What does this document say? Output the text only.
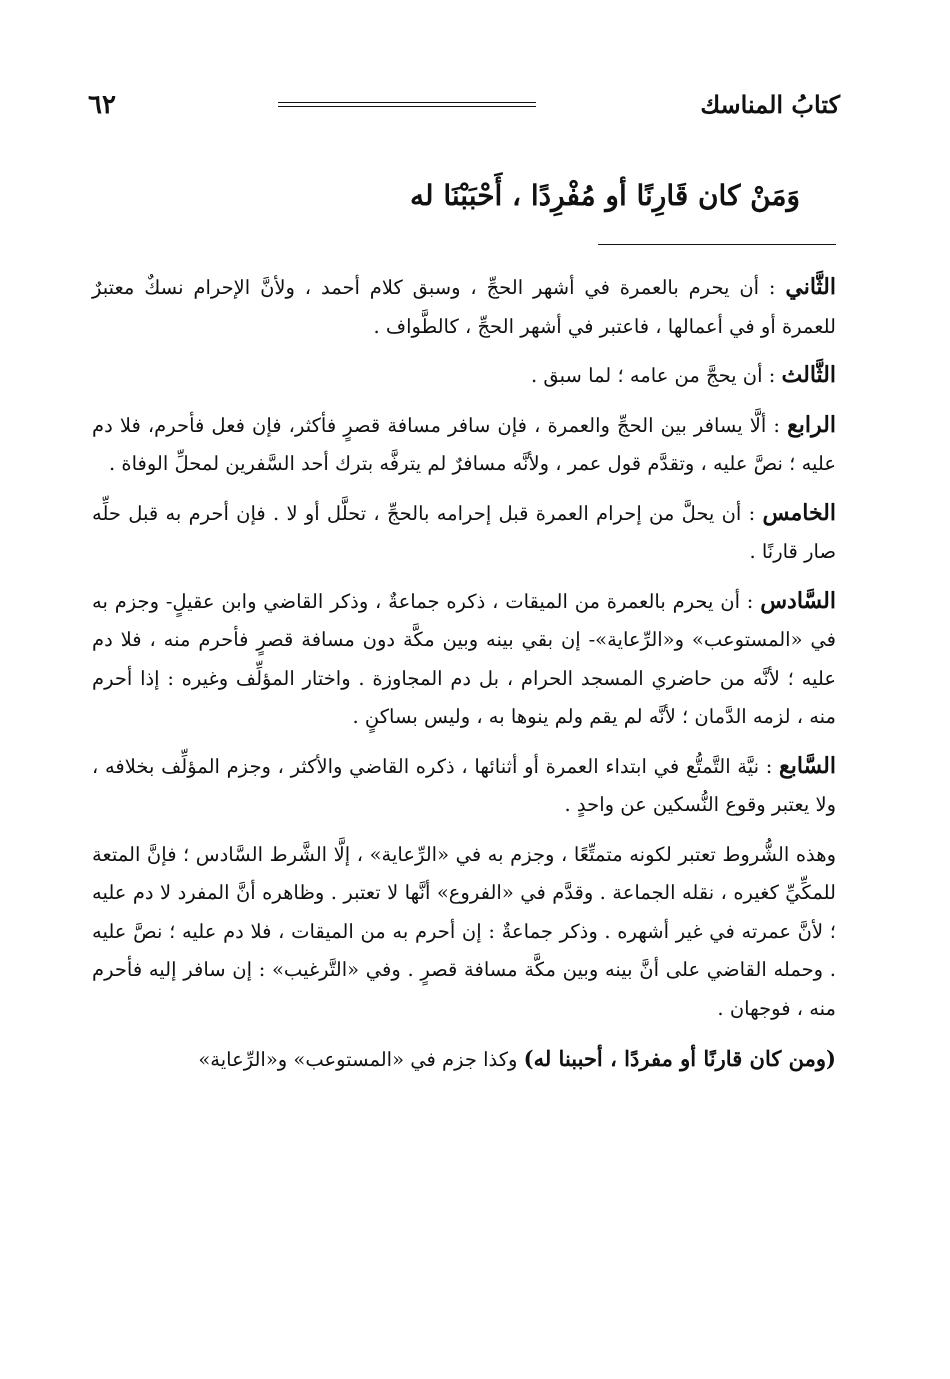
٦٢	كتابُ المناسك
وَمَنْ كان قَارِنًا أو مُفْرِدًا ، أَحْبَبْنَا له

الثَّاني : أن يحرم بالعمرة في أشهر الحجِّ ، وسبق كلام أحمد ، ولأنَّ الإحرام نسكٌ معتبرٌ للعمرة أو في أعمالها ، فاعتبر في أشهر الحجِّ ، كالطَّواف .

الثَّالث : أن يحجَّ من عامه ؛ لما سبق .

الرابع : ألَّا يسافر بين الحجِّ والعمرة ، فإن سافر مسافة قصرٍ فأكثر، فإن فعل فأحرم، فلا دم عليه ؛ نصَّ عليه ، وتقدَّم قول عمر ، ولأنَّه مسافرٌ لم يترفَّه بترك أحد السَّفرين لمحلِّ الوفاة .

الخامس : أن يحلَّ من إحرام العمرة قبل إحرامه بالحجِّ ، تحلَّل أو لا . فإن أحرم به قبل حلِّه صار قارنًا .

السَّادس : أن يحرم بالعمرة من الميقات ، ذكره جماعةٌ ، وذكر القاضي وابن عقيلٍ- وجزم به في «المستوعب» و«الرِّعاية»- إن بقي بينه وبين مكَّة دون مسافة قصرٍ فأحرم منه ، فلا دم عليه ؛ لأنَّه من حاضري المسجد الحرام ، بل دم المجاوزة . واختار المؤلِّف وغيره : إذا أحرم منه ، لزمه الدَّمان ؛ لأنَّه لم يقم ولم ينوها به ، وليس بساكنٍ .

السَّابع : نيَّة التَّمتُّع في ابتداء العمرة أو أثنائها ، ذكره القاضي والأكثر ، وجزم المؤلِّف بخلافه ، ولا يعتبر وقوع النُّسكين عن واحدٍ .

وهذه الشُّروط تعتبر لكونه متمتِّعًا ، وجزم به في «الرِّعاية» ، إلَّا الشَّرط السَّادس ؛ فإنَّ المتعة للمكِّيِّ كغيره ، نقله الجماعة . وقدَّم في «الفروع» أنَّها لا تعتبر . وظاهره أنَّ المفرد لا دم عليه ؛ لأنَّ عمرته في غير أشهره . وذكر جماعةٌ : إن أحرم به من الميقات ، فلا دم عليه ؛ نصَّ عليه . وحمله القاضي على أنَّ بينه وبين مكَّة مسافة قصرٍ . وفي «التَّرغيب» : إن سافر إليه فأحرم منه ، فوجهان .

(ومن كان قارنًا أو مفردًا ، أحببنا له) وكذا جزم في «المستوعب» و«الرِّعاية»
